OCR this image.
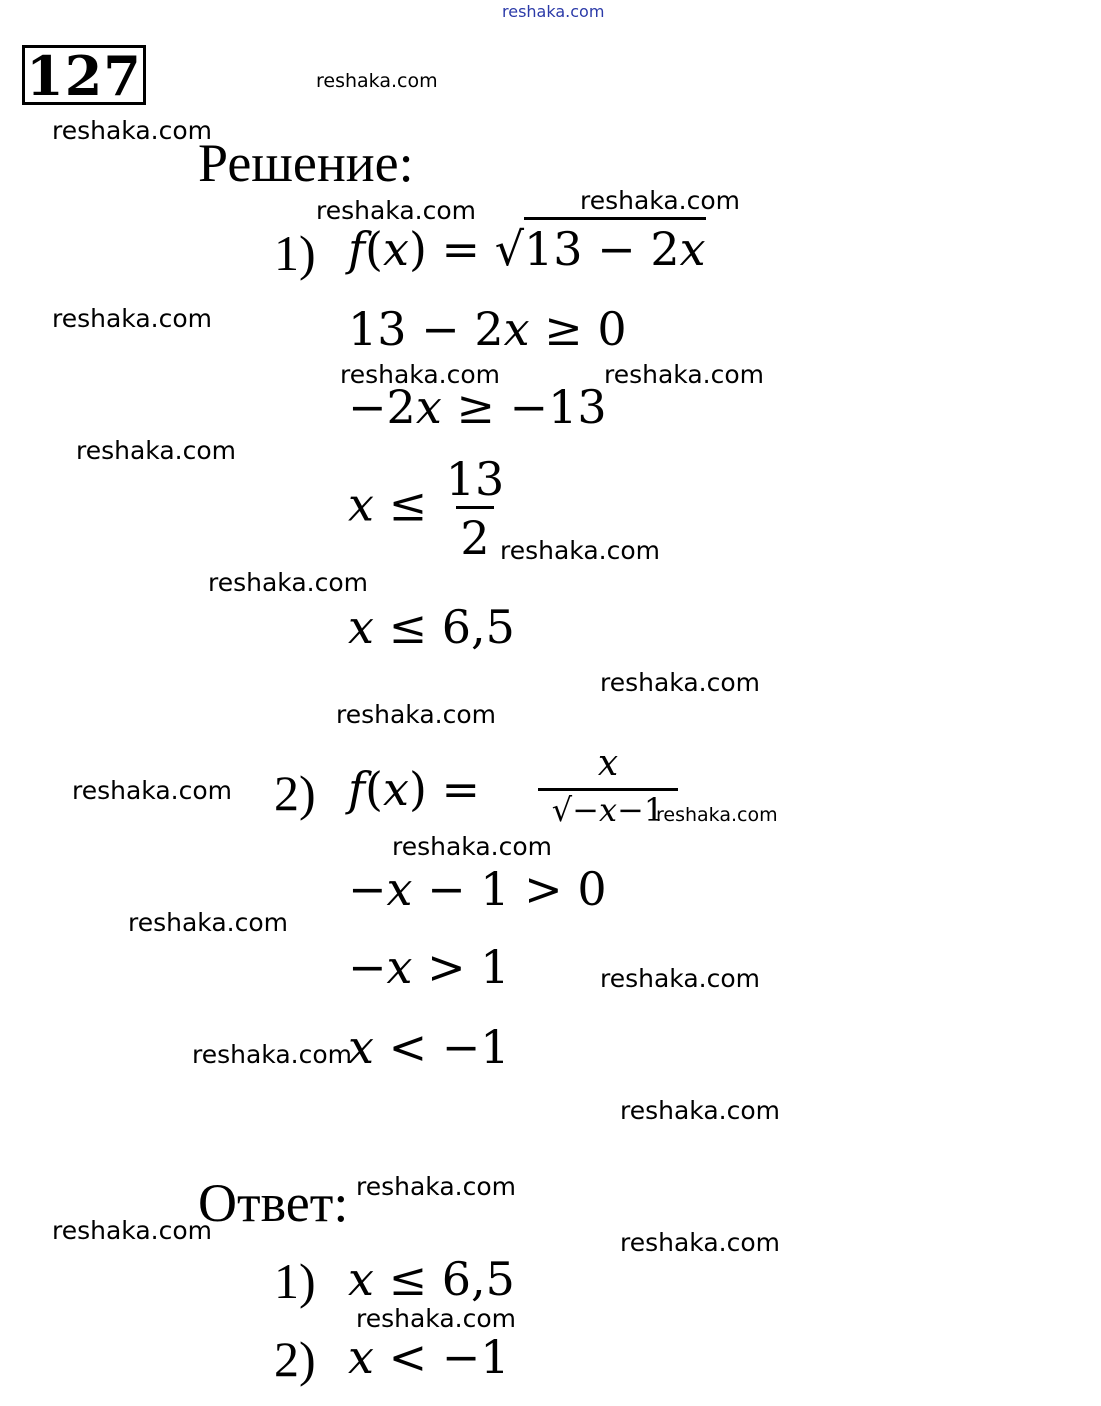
reshaka.com
reshaka.com
reshaka.com
reshaka.com	reshaka.com
reshaka.com
reshaka.com	reshaka.com
reshaka.com
reshaka.com
reshaka.com
reshaka.com
reshaka.com
reshaka.com
reshaka.com
reshaka.com
reshaka.com
reshaka.com
reshaka.com
reshaka.com
reshaka.com
reshaka.com	reshaka.com
reshaka.com
127
Решение:
1) f(x) = √13 − 2x
13 − 2x ≥ 0
−2x ≥ −13
$x \le \frac{13}{2}$
x ≤ 6,5
2) $f(x) = \frac{x}{√-x-1}$
−x − 1 > 0
−x > 1
x < −1
Ответ:
1) x ≤ 6,5
2) x < −1
